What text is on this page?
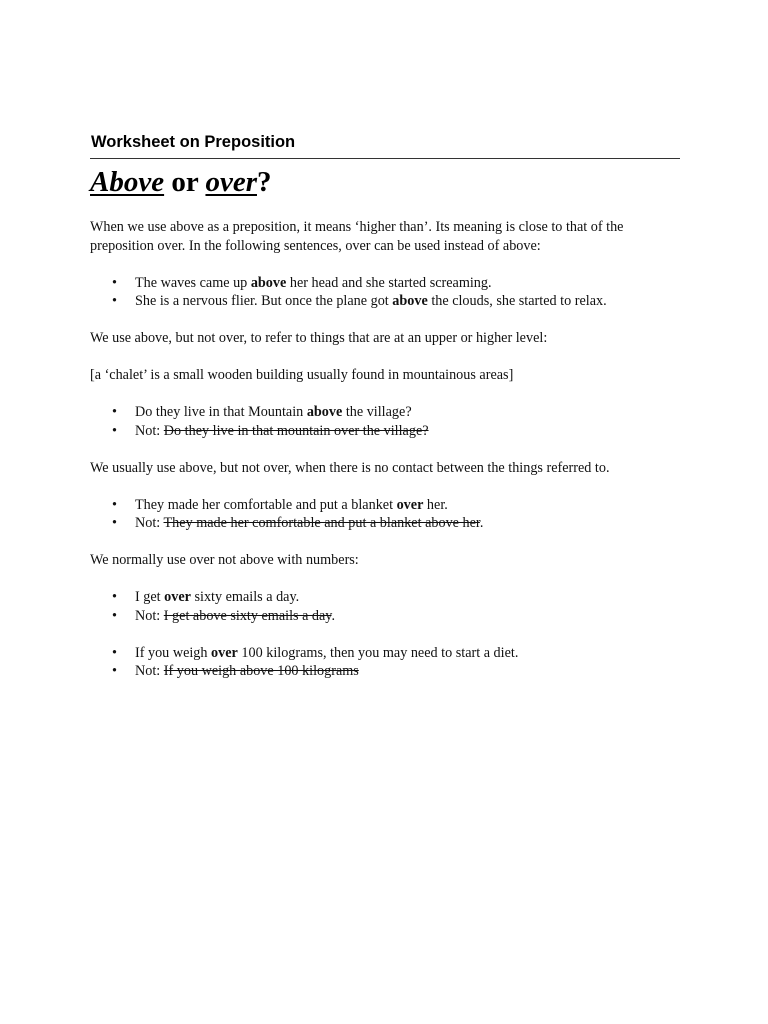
Worksheet on Preposition
Above or over?

When we use above as a preposition, it means ‘higher than’. Its meaning is close to that of the preposition over. In the following sentences, over can be used instead of above:

• The waves came up above her head and she started screaming.
• She is a nervous flier. But once the plane got above the clouds, she started to relax.

We use above, but not over, to refer to things that are at an upper or higher level:

[a ‘chalet’ is a small wooden building usually found in mountainous areas]

• Do they live in that Mountain above the village?
• Not: Do they live in that mountain over the village?

We usually use above, but not over, when there is no contact between the things referred to.

• They made her comfortable and put a blanket over her.
• Not: They made her comfortable and put a blanket above her.

We normally use over not above with numbers:

• I get over sixty emails a day.
• Not: I get above sixty emails a day.
• If you weigh over 100 kilograms, then you may need to start a diet.
• Not: If you weigh above 100 kilograms
